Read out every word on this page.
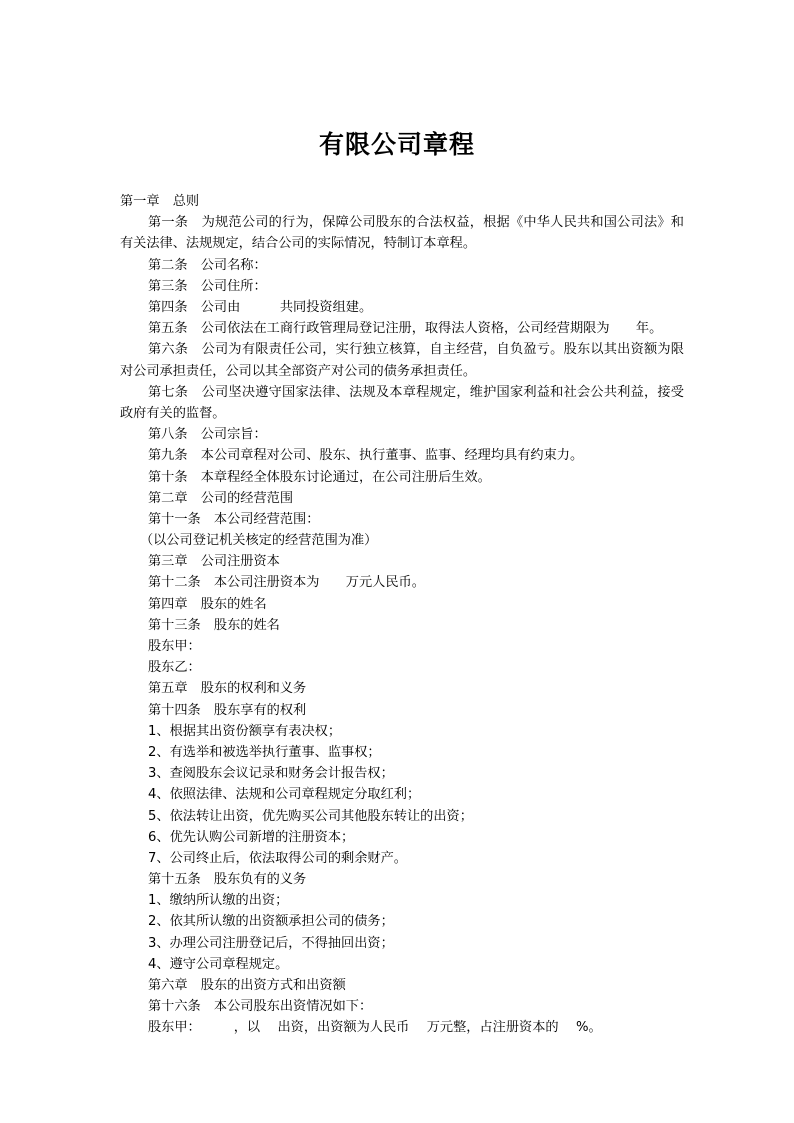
有限公司章程
第一章　总则
第一条　为规范公司的行为，保障公司股东的合法权益，根据《中华人民共和国公司法》和有关法律、法规规定，结合公司的实际情况，特制订本章程。
第二条　公司名称：
第三条　公司住所：
第四条　公司由　　　共同投资组建。
第五条　公司依法在工商行政管理局登记注册，取得法人资格，公司经营期限为　　年。
第六条　公司为有限责任公司，实行独立核算，自主经营，自负盈亏。股东以其出资额为限对公司承担责任，公司以其全部资产对公司的债务承担责任。
第七条　公司坚决遵守国家法律、法规及本章程规定，维护国家利益和社会公共利益，接受政府有关的监督。
第八条　公司宗旨：
第九条　本公司章程对公司、股东、执行董事、监事、经理均具有约束力。
第十条　本章程经全体股东讨论通过，在公司注册后生效。
第二章　公司的经营范围
第十一条　本公司经营范围：
（以公司登记机关核定的经营范围为准）
第三章　公司注册资本
第十二条　本公司注册资本为　　万元人民币。
第四章　股东的姓名
第十三条　股东的姓名
股东甲：
股东乙：
第五章　股东的权利和义务
第十四条　股东享有的权利
1、根据其出资份额享有表决权；
2、有选举和被选举执行董事、监事权；
3、查阅股东会议记录和财务会计报告权；
4、依照法律、法规和公司章程规定分取红利；
5、依法转让出资，优先购买公司其他股东转让的出资；
6、优先认购公司新增的注册资本；
7、公司终止后，依法取得公司的剩余财产。
第十五条　股东负有的义务
1、缴纳所认缴的出资；
2、依其所认缴的出资额承担公司的债务；
3、办理公司注册登记后，不得抽回出资；
4、遵守公司章程规定。
第六章　股东的出资方式和出资额
第十六条　本公司股东出资情况如下：
股东甲：　　　，以　 出资，出资额为人民币　 万元整，占注册资本的　 %。
